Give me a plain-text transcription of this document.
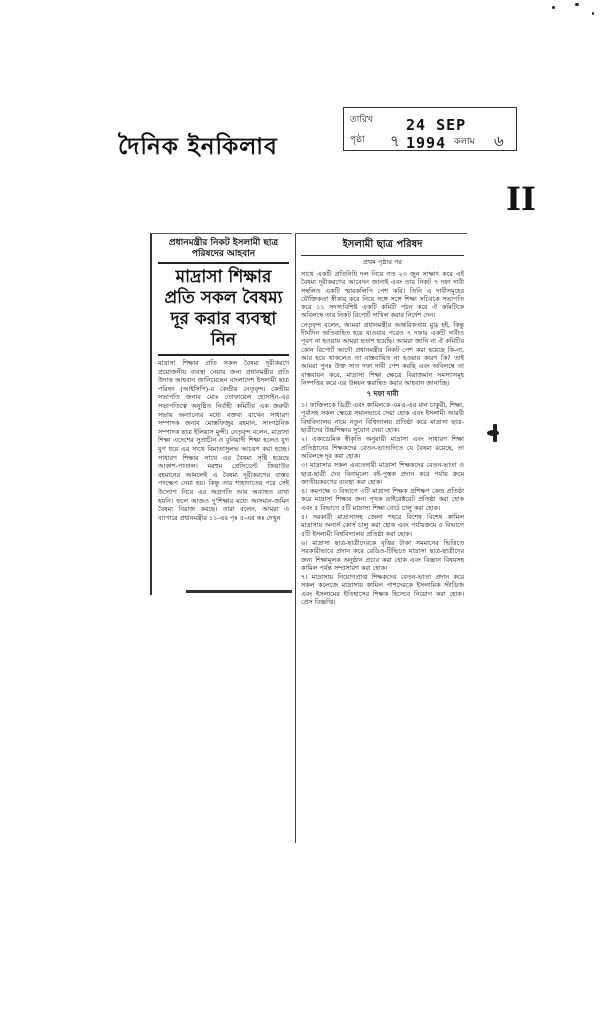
দৈনিক ইনকিলাব
তারিখ 24 SEP 1994
পৃষ্ঠা ৭	কলাম ৬
II
প্রধানমন্ত্রীর নিকট ইসলামী ছাত্র পরিষদের আহবান
মাদ্রাসা শিক্ষার প্রতি সকল বৈষম্য দূর করার ব্যবস্থা নিন

মাদ্রাসা শিক্ষার প্রতি সকল বৈষম্য দূরীকরণে প্রয়োজনীয় ব্যবস্থা নেয়ার জন্য প্রধানমন্ত্রীর প্রতি উদাত্ত আহবান জানিয়েছেন বাংলাদেশ ইসলামী ছাত্র পরিষদ (আইসিপি)-র কেন্দ্রীয় নেতৃবৃন্দ। কেন্দ্রীয় সভাপতি জনাব মোঃ তোফায়েল হোসাইন-এর সভাপতিত্বে অনুষ্ঠিত নির্বাহী কমিটির এক জরুরী সভায় অন্যান্যের মধ্যে বক্তব্য রাখেন সাধারণ সম্পাদক জনাব মোস্তফিজুর রহমান, সাংগঠনিক সম্পাদক ছাত্র ইলিয়াস মুন্সী। নেতৃবৃন্দ বলেন, মাদ্রাসা শিক্ষা এদেশের সুপ্রাচীন ও বুনিয়াদী শিক্ষা হলেও যুগ যুগ ধরে এর সাথে বিমাতাসুলভ আচরণ করা হচ্ছে। সাধারণ শিক্ষার সাথে এর বৈষম্য সৃষ্টি হয়েছে আকাশ-পাতাল। মরহুম প্রেসিডেন্ট জিয়াউর রহমানের আমলেই এ বৈষম্য দূরীকরণের বাস্তব পদক্ষেপ নেয়া হয়। কিন্তু তার শাহাদাতের পরে সেই উদ্যোগ নিয়ে এর অগ্রগতি আর অব্যাহত রাখা হয়নি। ফলে আজও দু'শিক্ষার মধ্যে আসমান-জমিন বৈষম্য বিরাজ করছে। তারা বলেন, আমরা এ ব্যাপারে প্রধানমন্ত্রীর ১১-এর পৃঃ ৫-এর কঃ দেখুন

ইসলামী ছাত্র পরিষদ
প্রথম পৃষ্ঠার পর

সাথে একটি প্রতিনিধি দল নিয়ে গত ২৩ জুন সাক্ষাৎ করে এই বৈষম্য দূরীকরণের আবেদন জানাই এবং তার নিকট ৭ দফা দাবী সম্বলিত একটি স্মারকলিপি পেশ করি। তিনি এ দাবীসমূহের যৌক্তিকতা স্বীকার করে নিয়ে সঙ্গে সঙ্গে শিক্ষা সচিবকে সভাপতি করে ১১ সদস্যবিশিষ্ট একটি কমিটি গঠন করে ঐ কমিটিকে অবিলম্বে তার নিকট রিপোর্ট দাখিল করার নির্দেশ দেন।

নেতৃবৃন্দ বলেন, আমরা প্রধানমন্ত্রীর আন্তরিকতায় মুগ্ধ হই, কিন্তু দীর্ঘদিন অতিবাহিত হয়ে যাওয়ার পরেও ৭ দফার একটি দাবীও পূরণ না হওয়ায় আমরা হতাশ হয়েছি। আমরা জানি না ঐ কমিটির কোন রিপোর্ট আদৌ প্রধানমন্ত্রীর নিকট পেশ করা হয়েছে কি-না, আর হয়ে থাকলেও তা বাস্তবায়িত না হওয়ার কারণ কি? তাই আমরা পুনঃ উক্ত সাত দফা দাবী পেশ করছি এবং অবিলম্বে তা বাস্তবায়ন করে, মাদ্রাসা শিক্ষা ক্ষেত্রে বিরাজমান সমস্যাসমূহ নিষ্পত্তির করে এর উন্নয়ন ত্বরান্বিত করার আহবান জানাচ্ছি।

৭ দফা দাবী

১। ফাজিলকে ডিগ্রী এবং কামিলকে এমএ-এর মান চাকুরী, শিক্ষা, পূর্বাসহ সকল ক্ষেত্রে সমানভাবে দেয়া হোক এবং ইসলামী আরবী বিশ্ববিদ্যালয় নামে নতুন বিশ্বিদ্যালয় প্রতিষ্ঠা করে মাদ্রাসা ছাত্র-ছাত্রীদের উচ্চশিক্ষার সুযোগ দেয়া হোক।

২। একাডেমিক স্বীকৃতি অনুযায়ী মাদ্রাসা এবং সাধারণ শিক্ষা প্রতিষ্ঠানের শিক্ষকদের বেতন-ভাতাদিতে যে বৈষম্য রয়েছে, তা অবিলম্বে দূর করা হোক।

৩। মাদ্রাসার সকল এবতেদায়ী মাদ্রাসা শিক্ষকদের বেতন-ভাতা ও ছাত্র-ছাত্রী দের বিনামূল্যে বই-পুস্তক প্রদান করে পর্যায় ক্রমে জাতীয়করণের ব্যবস্থা করা হোক।

৪। কমপক্ষে ৩ বিভাগে ৩টি মাদ্রাসা শিক্ষক প্রশিক্ষণ কেন্দ্র প্রতিষ্ঠা করে মাদ্রাসা শিক্ষার জন্য পৃথক ডাইরেক্টরেট প্রতিষ্ঠা করা হোক এবং ৫ বিভাগে ৫টি মাদ্রাসা শিক্ষা বোর্ড চালু করা হোক।

৫। সরকারী মাদ্রাসাসহ জেলা শহরে বিশেষ বিশেষ কামিল মাদ্রাসায় অনার্স কোর্স চালু করা হোক এবং পর্যায়ক্রমে ৫ বিভাগে ৫টি ইসলামী বিশ্ববিদ্যালয় প্রতিষ্ঠা করা হোক।

৬। মাদ্রাসা ছাত্র-ছাত্রীদেরকে বৃত্তির টাকা সমমানের ভিত্তিতে সরকারীভাবে প্রদান করে রেডিও-টিভিতে মাদ্রাসা ছাত্র-ছাত্রীদের জন্য শিক্ষামূলক অনুষ্ঠান প্রচার করা হোক এবং বিজ্ঞান বিষয়সহ কামিল পর্যন্ত সম্প্রসারণ করা হোক।

৭। মাদ্রাসায় নিয়োগপ্রাপ্ত শিক্ষকদের বেতন-ভাতা প্রদান করে সকল কলেজে মাদ্রাসায় কামিল পাশদেরকে ইসলামিক স্টাডিজ এবং ইসলামের ইতিহাসের শিক্ষক হিসেবে নিয়োগ করা হোক। প্রেস বিজ্ঞপ্তি।
